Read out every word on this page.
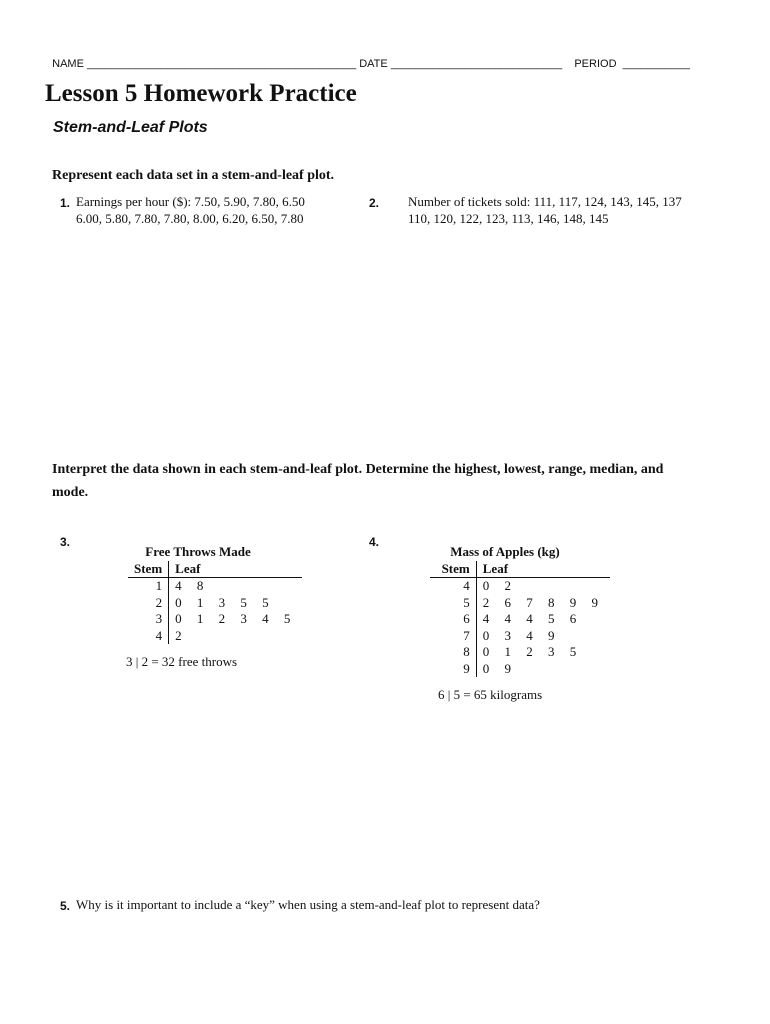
NAME ____________________________________________ DATE ____________________________ PERIOD ___________

Lesson 5 Homework Practice
Stem-and-Leaf Plots
Represent each data set in a stem-and-leaf plot.
1. Earnings per hour ($): 7.50, 5.90, 7.80, 6.50
6.00, 5.80, 7.80, 7.80, 8.00, 6.20, 6.50, 7.80
2. Number of tickets sold: 111, 117, 124, 143, 145, 137
110, 120, 122, 123, 113, 146, 148, 145
Interpret the data shown in each stem-and-leaf plot. Determine the highest, lowest, range, median, and
mode.
3.
Free Throws Made
Stem	Leaf
1	4 8
2	0 1 3 5 5
3	0 1 2 3 4 5
4	2
3 | 2 = 32 free throws
4.
Mass of Apples (kg)
Stem	Leaf
4	0 2
5	2 6 7 8 9 9
6	4 4 4 5 6
7	0 3 4 9
8	0 1 2 3 5
9	0 9
6 | 5 = 65 kilograms
5. Why is it important to include a “key” when using a stem-and-leaf plot to represent data?
